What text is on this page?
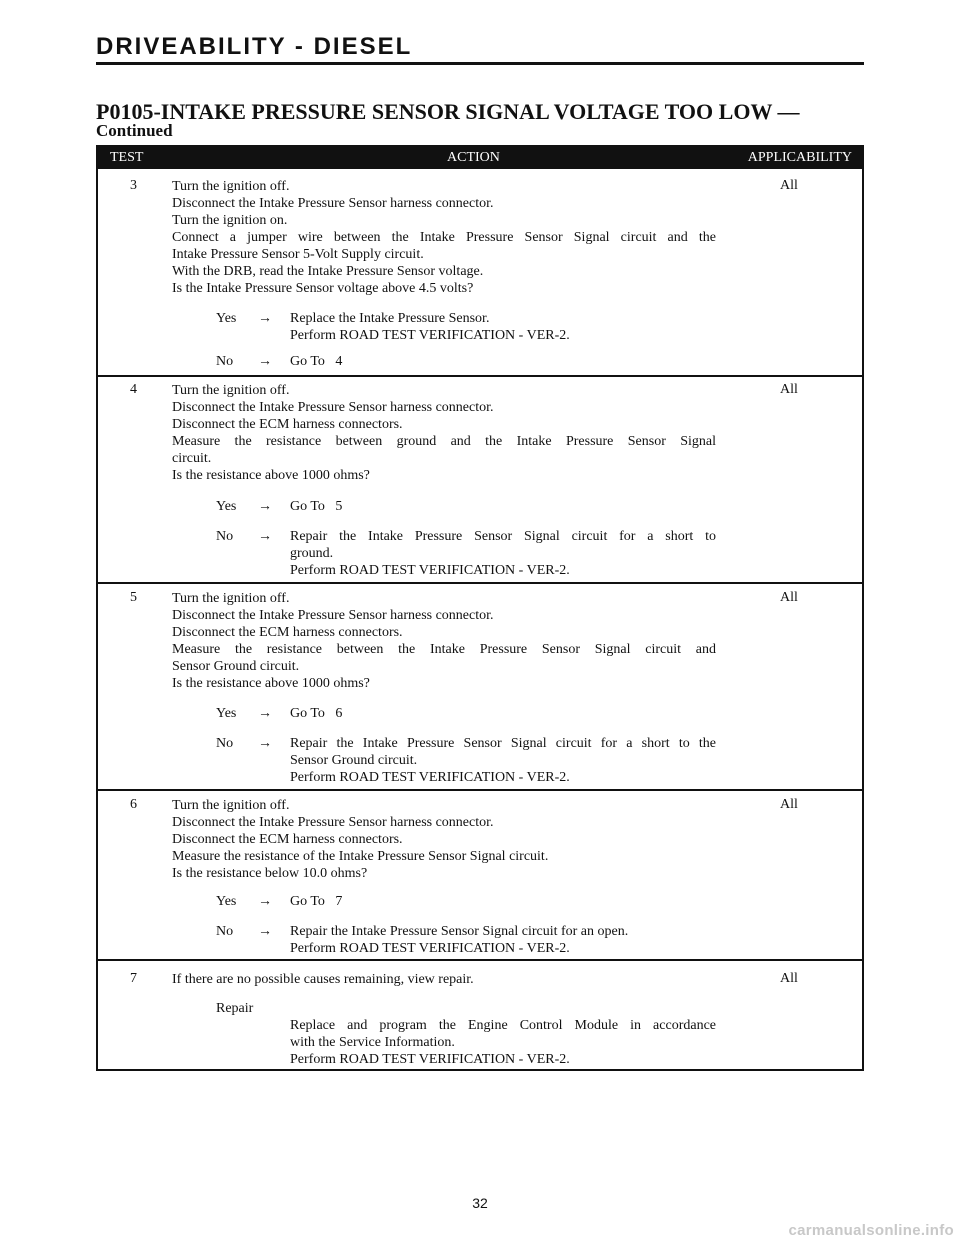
DRIVEABILITY - DIESEL
P0105-INTAKE PRESSURE SENSOR SIGNAL VOLTAGE TOO LOW —
Continued
TEST	ACTION	APPLICABILITY
3	Turn the ignition off.
Disconnect the Intake Pressure Sensor harness connector.
Turn the ignition on.
Connect a jumper wire between the Intake Pressure Sensor Signal circuit and the
Intake Pressure Sensor 5-Volt Supply circuit.
With the DRB, read the Intake Pressure Sensor voltage.
Is the Intake Pressure Sensor voltage above 4.5 volts?
Yes → Replace the Intake Pressure Sensor.
Perform ROAD TEST VERIFICATION - VER-2.
No → Go To   4
All
4	Turn the ignition off.
Disconnect the Intake Pressure Sensor harness connector.
Disconnect the ECM harness connectors.
Measure the resistance between ground and the Intake Pressure Sensor Signal
circuit.
Is the resistance above 1000 ohms?
Yes → Go To   5
No → Repair the Intake Pressure Sensor Signal circuit for a short to
ground.
Perform ROAD TEST VERIFICATION - VER-2.
All
5	Turn the ignition off.
Disconnect the Intake Pressure Sensor harness connector.
Disconnect the ECM harness connectors.
Measure the resistance between the Intake Pressure Sensor Signal circuit and
Sensor Ground circuit.
Is the resistance above 1000 ohms?
Yes → Go To   6
No → Repair the Intake Pressure Sensor Signal circuit for a short to the
Sensor Ground circuit.
Perform ROAD TEST VERIFICATION - VER-2.
All
6	Turn the ignition off.
Disconnect the Intake Pressure Sensor harness connector.
Disconnect the ECM harness connectors.
Measure the resistance of the Intake Pressure Sensor Signal circuit.
Is the resistance below 10.0 ohms?
Yes → Go To   7
No → Repair the Intake Pressure Sensor Signal circuit for an open.
Perform ROAD TEST VERIFICATION - VER-2.
All
7	If there are no possible causes remaining, view repair.
Repair
Replace and program the Engine Control Module in accordance
with the Service Information.
Perform ROAD TEST VERIFICATION - VER-2.
All
32
carmanualsonline.info
